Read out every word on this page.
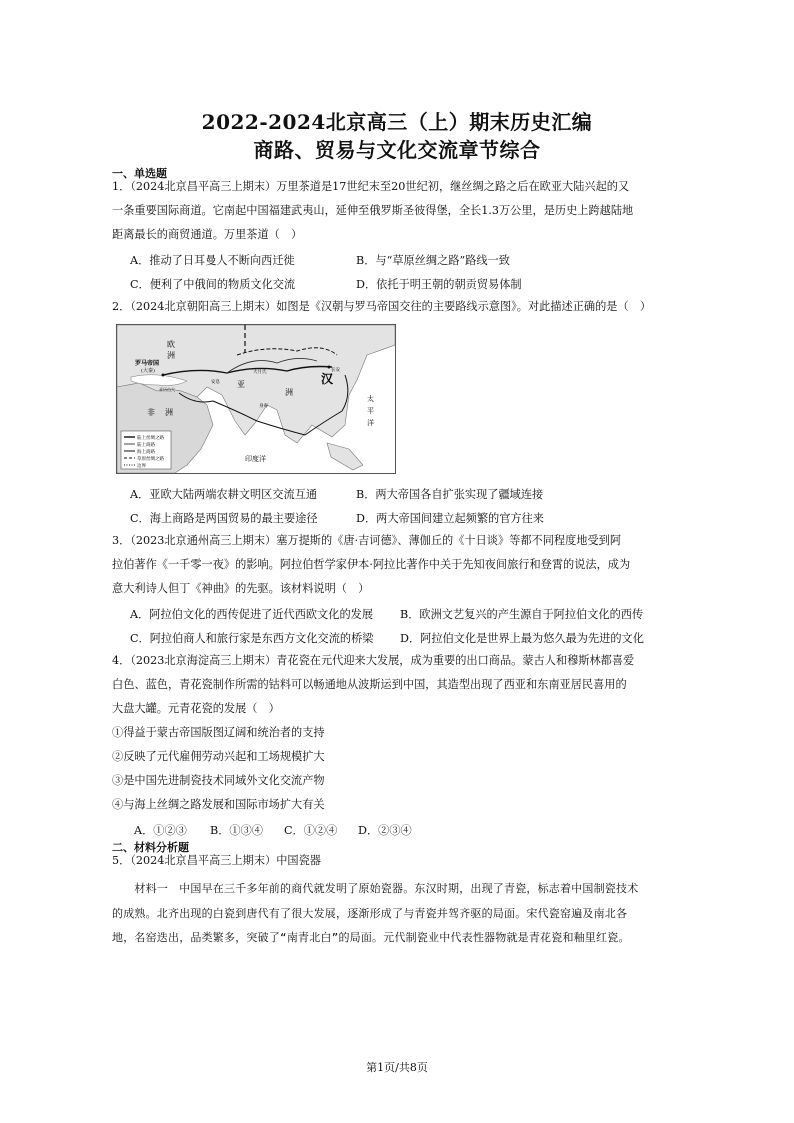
2022-2024北京高三（上）期末历史汇编
商路、贸易与文化交流章节综合
一、单选题
1．（2024北京昌平高三上期末）万里茶道是17世纪末至20世纪初，继丝绸之路之后在欧亚大陆兴起的又
一条重要国际商道。它南起中国福建武夷山，延伸至俄罗斯圣彼得堡，全长1.3万公里，是历史上跨越陆地
距离最长的商贸通道。万里茶道（　）
A．推动了日耳曼人不断向西迁徙	B．与“草原丝绸之路”路线一致
C．便利了中俄间的物质文化交流	D．依托于明王朝的朝贡贸易体制
2．（2024北京朝阳高三上期末）如图是《汉朝与罗马帝国交往的主要路线示意图》。对此描述正确的是（　）
陆上丝绸之路
陆上商路
海上商路
草原丝绸之路
边界
欧
洲
罗马帝国
(大秦)
非 洲
亚
洲
汉
太
平
洋
印度洋
安息
大月氏
身毒
亚历山大
长安
A．亚欧大陆两端农耕文明区交流互通	B．两大帝国各自扩张实现了疆域连接
C．海上商路是两国贸易的最主要途径	D．两大帝国间建立起频繁的官方往来
3．（2023北京通州高三上期末）塞万提斯的《唐·吉诃德》、薄伽丘的《十日谈》等都不同程度地受到阿
拉伯著作《一千零一夜》的影响。阿拉伯哲学家伊本·阿拉比著作中关于先知夜间旅行和登霄的说法，成为
意大利诗人但丁《神曲》的先驱。该材料说明（　）
A．阿拉伯文化的西传促进了近代西欧文化的发展 B．欧洲文艺复兴的产生源自于阿拉伯文化的西传
C．阿拉伯商人和旅行家是东西方文化交流的桥梁 D．阿拉伯文化是世界上最为悠久最为先进的文化
4．（2023北京海淀高三上期末）青花瓷在元代迎来大发展，成为重要的出口商品。蒙古人和穆斯林都喜爱
白色、蓝色，青花瓷制作所需的钴料可以畅通地从波斯运到中国，其造型出现了西亚和东南亚居民喜用的
大盘大罐。元青花瓷的发展（　）
①得益于蒙古帝国版图辽阔和统治者的支持
②反映了元代雇佣劳动兴起和工场规模扩大
③是中国先进制瓷技术同域外文化交流产物
④与海上丝绸之路发展和国际市场扩大有关
A．①②③ B．①③④ C．①②④ D．②③④
二、材料分析题
5．（2024北京昌平高三上期末）中国瓷器
　　材料一　中国早在三千多年前的商代就发明了原始瓷器。东汉时期，出现了青瓷，标志着中国制瓷技术
的成熟。北齐出现的白瓷到唐代有了很大发展，逐渐形成了与青瓷并驾齐驱的局面。宋代瓷窑遍及南北各
地，名窑迭出，品类繁多，突破了“南青北白”的局面。元代制瓷业中代表性器物就是青花瓷和釉里红瓷。
第1页/共8页
